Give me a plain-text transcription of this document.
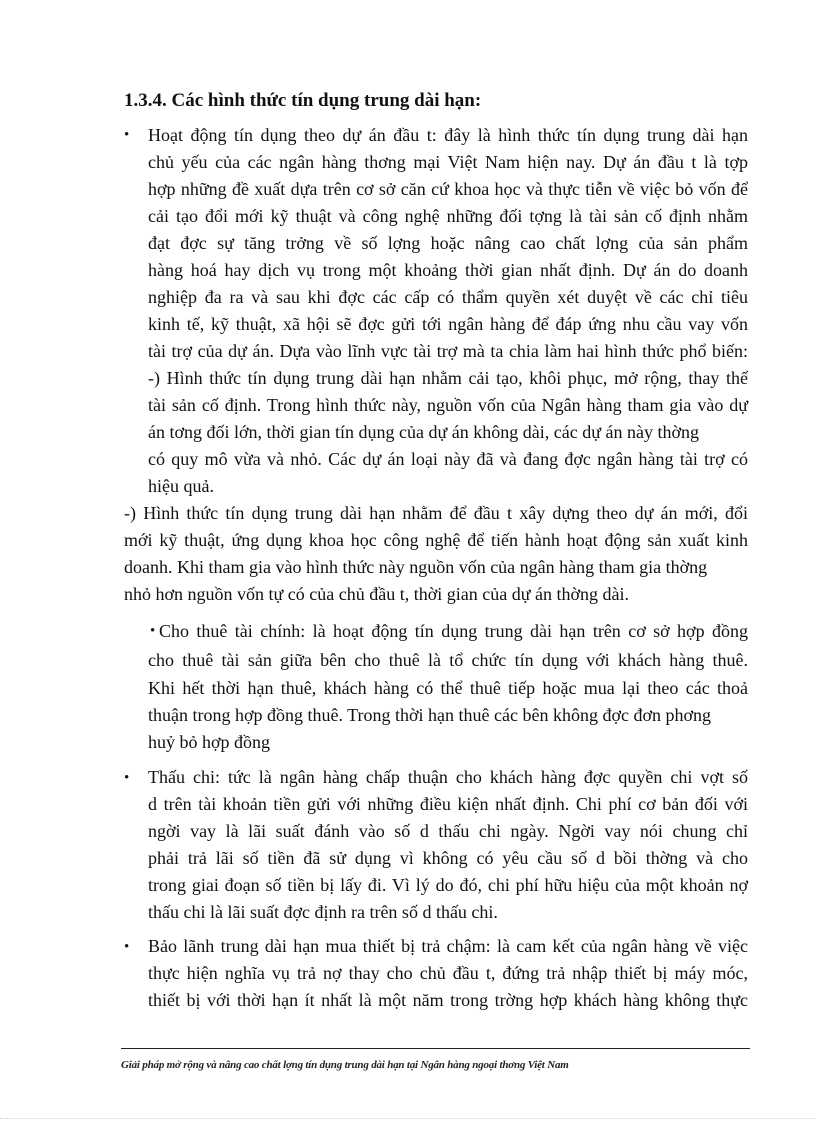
1.3.4. Các hình thức tín dụng trung dài hạn:
• Hoạt động tín dụng theo dự án đầu t: đây là hình thức tín dụng trung dài hạn
chủ yếu của các ngân hàng thơng mại Việt Nam hiện nay. Dự án đầu t là tợp
hợp những đề xuất dựa trên cơ sở căn cứ khoa học và thực tiễn về việc bỏ vốn để
cải tạo đổi mới kỹ thuật và công nghệ những đối tợng là tài sản cố định nhằm
đạt đợc sự tăng trởng về số lợng hoặc nâng cao chất lợng của sản phẩm
hàng hoá hay dịch vụ trong một khoảng thời gian nhất định. Dự án do doanh
nghiệp đa ra và sau khi đợc các cấp có thẩm quyền xét duyệt về các chỉ tiêu
kinh tế, kỹ thuật, xã hội sẽ đợc gửi tới ngân hàng để đáp ứng nhu cầu vay vốn
tài trợ của dự án. Dựa vào lĩnh vực tài trợ mà ta chia làm hai hình thức phổ biến:
-) Hình thức tín dụng trung dài hạn nhằm cải tạo, khôi phục, mở rộng, thay thế
tài sản cố định. Trong hình thức này, nguồn vốn của Ngân hàng tham gia vào dự
án tơng đối lớn, thời gian tín dụng của dự án không dài, các dự án này thờng
có quy mô vừa và nhỏ. Các dự án loại này đã và đang đợc ngân hàng tài trợ có
hiệu quả.
-) Hình thức tín dụng trung dài hạn nhằm để đầu t xây dựng theo dự án mới, đổi
mới kỹ thuật, ứng dụng khoa học công nghệ để tiến hành hoạt động sản xuất kinh
doanh. Khi tham gia vào hình thức này nguồn vốn của ngân hàng tham gia thờng
nhỏ hơn nguồn vốn tự có của chủ đầu t, thời gian của dự án thờng dài.
• Cho thuê tài chính: là hoạt động tín dụng trung dài hạn trên cơ sở hợp đồng
cho thuê tài sản giữa bên cho thuê là tổ chức tín dụng với khách hàng thuê.
Khi hết thời hạn thuê, khách hàng có thể thuê tiếp hoặc mua lại theo các thoả
thuận trong hợp đồng thuê. Trong thời hạn thuê các bên không đợc đơn phơng
huỷ bỏ hợp đồng
• Thấu chi: tức là ngân hàng chấp thuận cho khách hàng đợc quyền chi vợt số
d trên tài khoản tiền gửi với những điều kiện nhất định. Chi phí cơ bản đối với
ngời vay là lãi suất đánh vào số d thấu chi ngày. Ngời vay nói chung chỉ
phải trả lãi số tiền đã sử dụng vì không có yêu cầu số d bồi thờng và cho
trong giai đoạn số tiền bị lấy đi. Vì lý do đó, chi phí hữu hiệu của một khoản nợ
thấu chi là lãi suất đợc định ra trên số d thấu chi.
• Bảo lãnh trung dài hạn mua thiết bị trả chậm: là cam kết của ngân hàng về việc
thực hiện nghĩa vụ trả nợ thay cho chủ đầu t, đứng trả nhập thiết bị máy móc,
thiết bị với thời hạn ít nhất là một năm trong trờng hợp khách hàng không thực
Giải pháp mở rộng và nâng cao chất lợng tín dụng trung dài hạn tại Ngân hàng ngoại thơng Việt Nam
